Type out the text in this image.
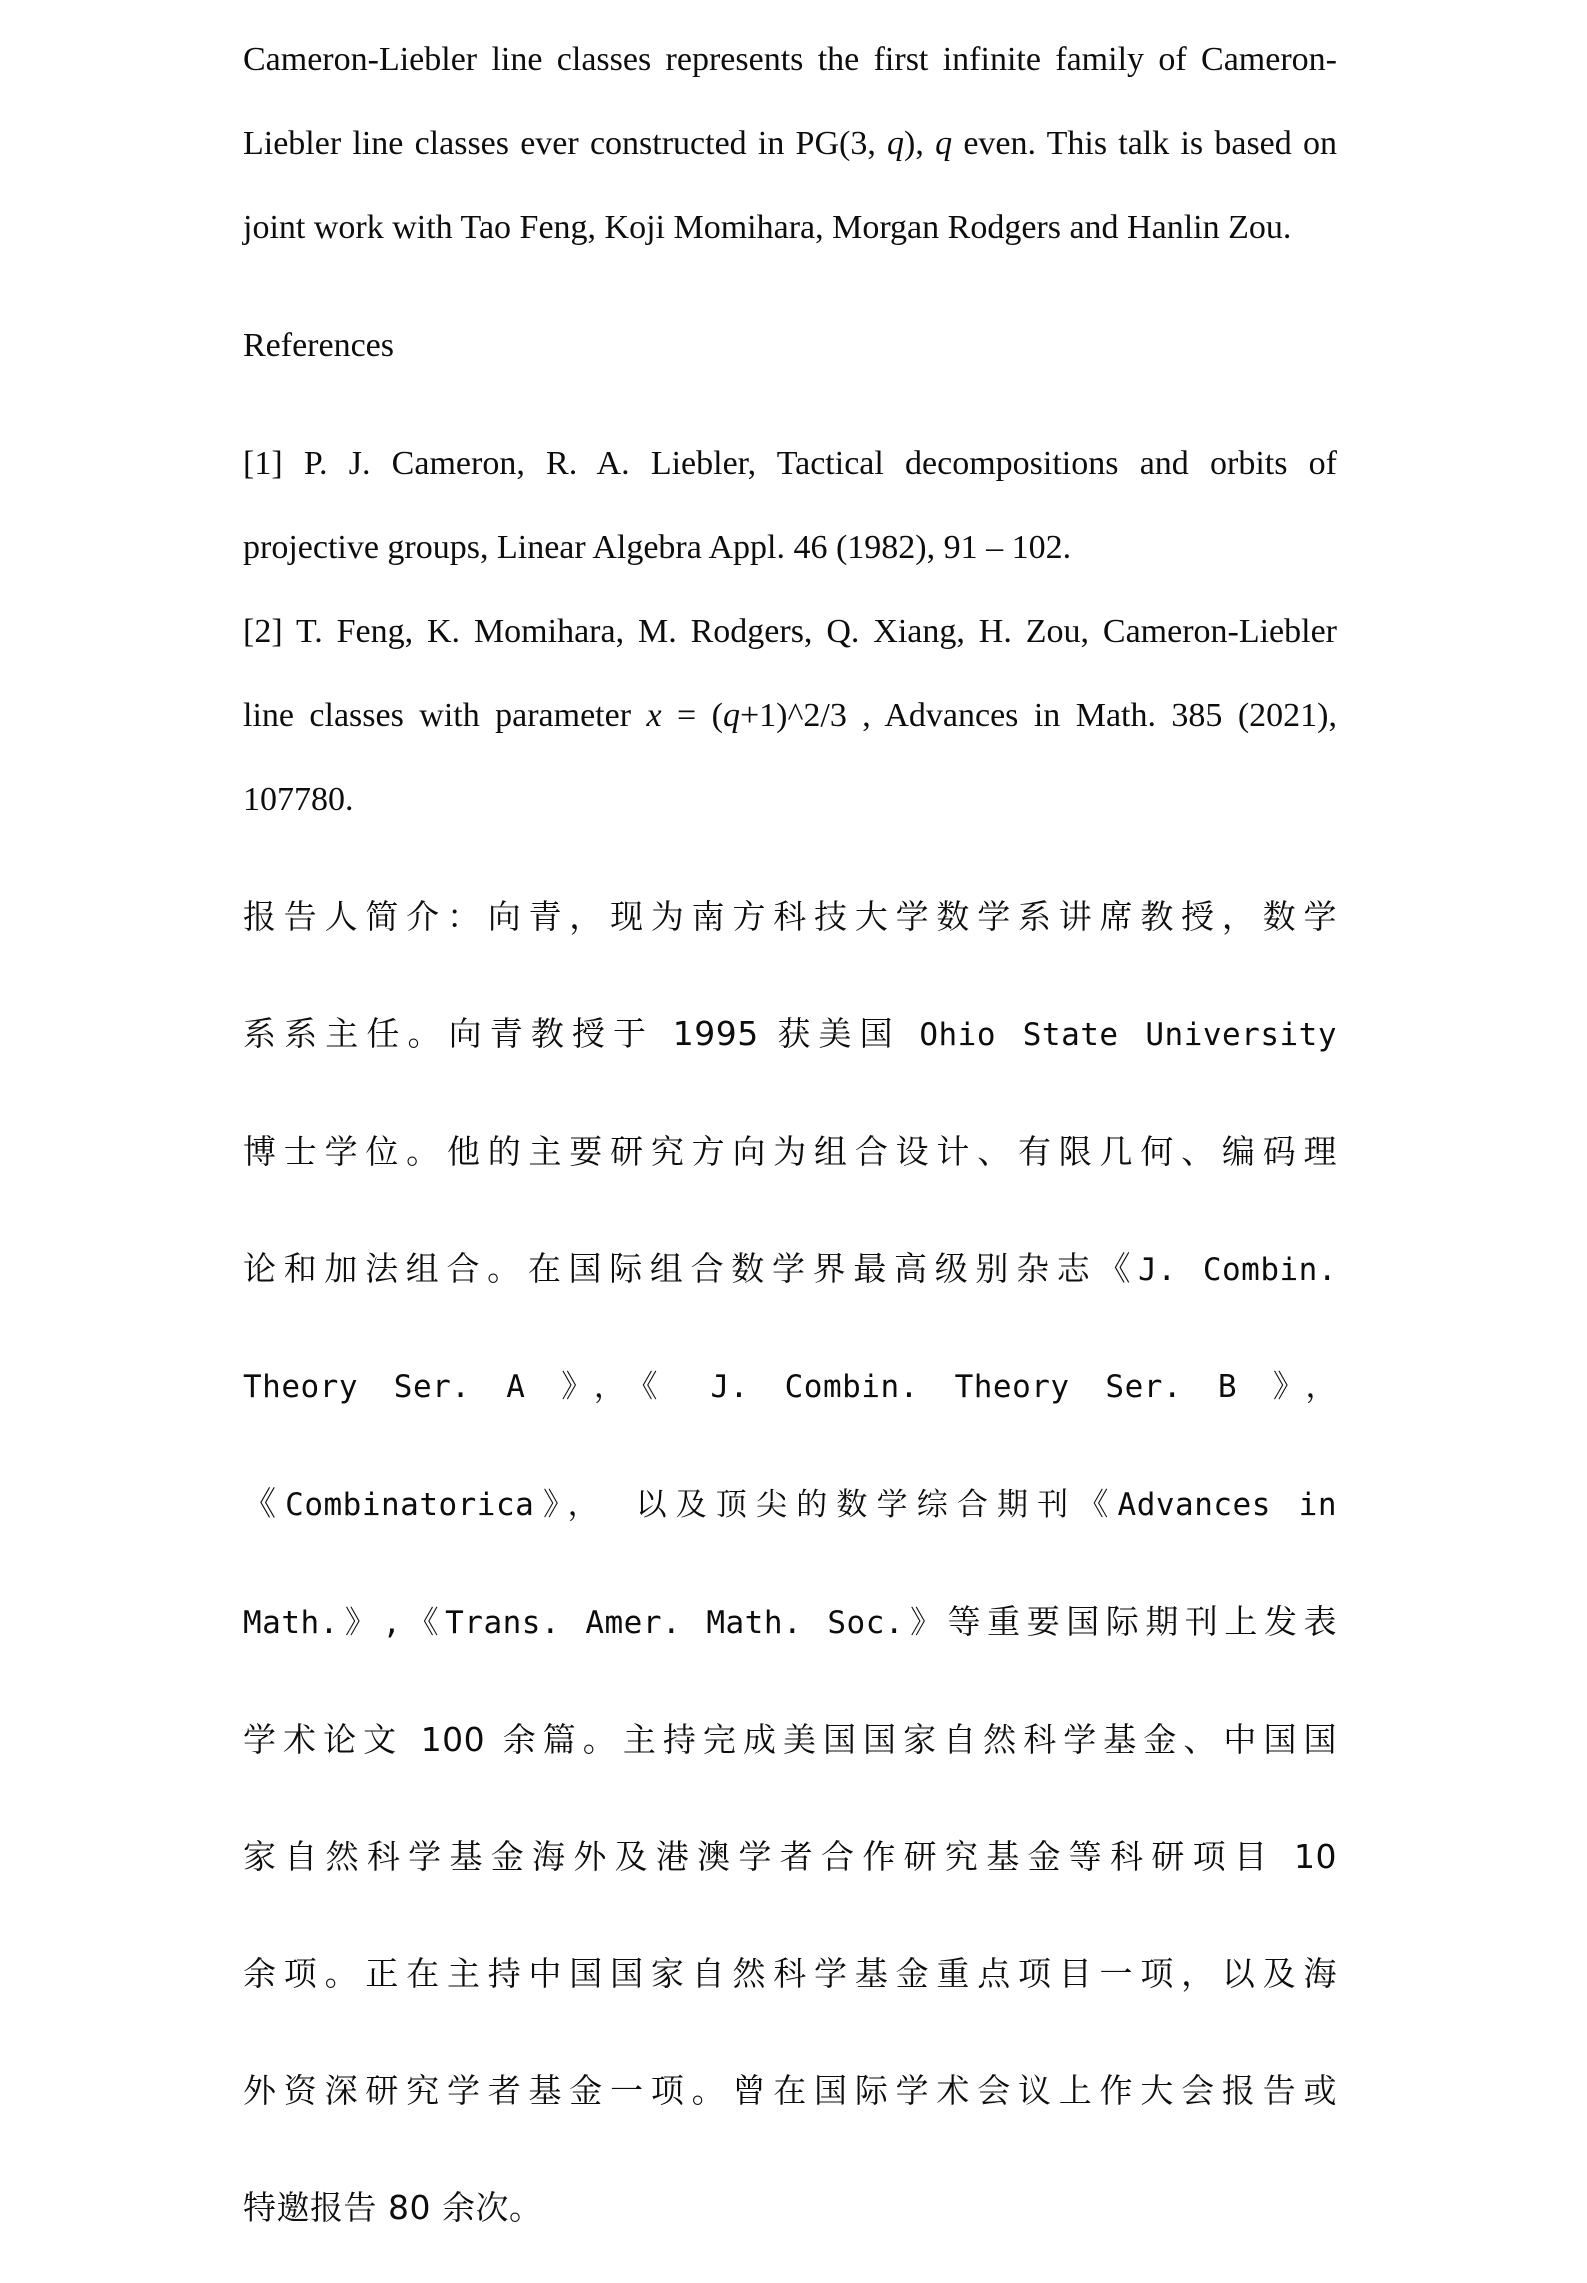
Cameron-Liebler line classes represents the first infinite family of Cameron-Liebler line classes ever constructed in PG(3, q), q even. This talk is based on joint work with Tao Feng, Koji Momihara, Morgan Rodgers and Hanlin Zou.

References

[1] P. J. Cameron, R. A. Liebler, Tactical decompositions and orbits of projective groups, Linear Algebra Appl. 46 (1982), 91 – 102.

[2] T. Feng, K. Momihara, M. Rodgers, Q. Xiang, H. Zou, Cameron-Liebler line classes with parameter x = (q+1)^2/3 , Advances in Math. 385 (2021), 107780.

报告人简介：向青，现为南方科技大学数学系讲席教授，数学

系系主任。向青教授于 1995 获美国 Ohio State University

博士学位。他的主要研究方向为组合设计、有限几何、编码理

论和加法组合。在国际组合数学界最高级别杂志《J. Combin.

Theory Ser. A 》，《 J. Combin. Theory Ser. B 》，

《Combinatorica》， 以及顶尖的数学综合期刊《Advances in

Math.》,《Trans. Amer. Math. Soc.》等重要国际期刊上发表

学术论文 100 余篇。主持完成美国国家自然科学基金、中国国

家自然科学基金海外及港澳学者合作研究基金等科研项目 10

余项。正在主持中国国家自然科学基金重点项目一项，以及海

外资深研究学者基金一项。曾在国际学术会议上作大会报告或

特邀报告 80 余次。
